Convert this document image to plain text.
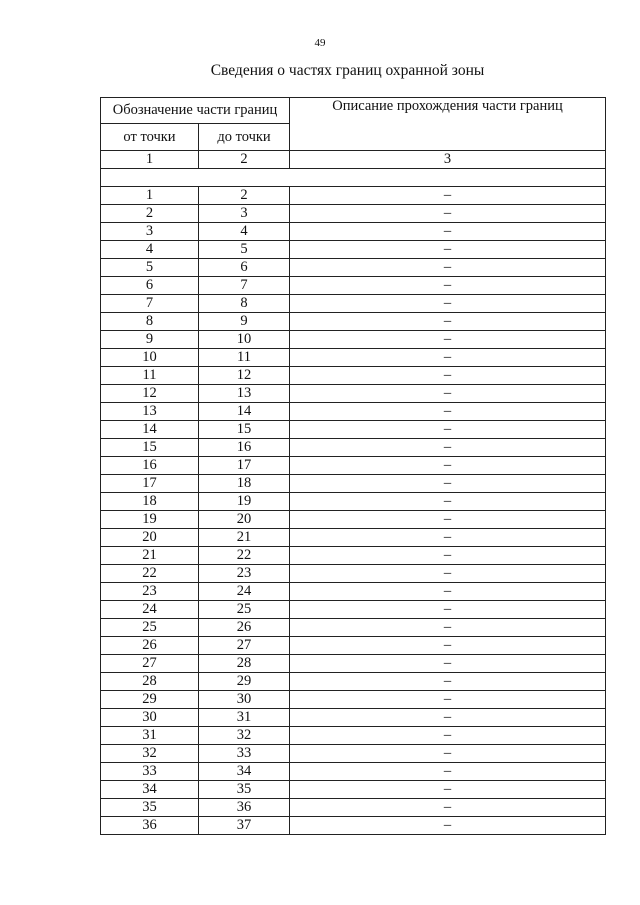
49
Сведения о частях границ охранной зоны
Обозначение части границ		Описание прохождения части границ
от точки	до точки	
1	2	3

1	2	–
2	3	–
3	4	–
4	5	–
5	6	–
6	7	–
7	8	–
8	9	–
9	10	–
10	11	–
11	12	–
12	13	–
13	14	–
14	15	–
15	16	–
16	17	–
17	18	–
18	19	–
19	20	–
20	21	–
21	22	–
22	23	–
23	24	–
24	25	–
25	26	–
26	27	–
27	28	–
28	29	–
29	30	–
30	31	–
31	32	–
32	33	–
33	34	–
34	35	–
35	36	–
36	37	–
